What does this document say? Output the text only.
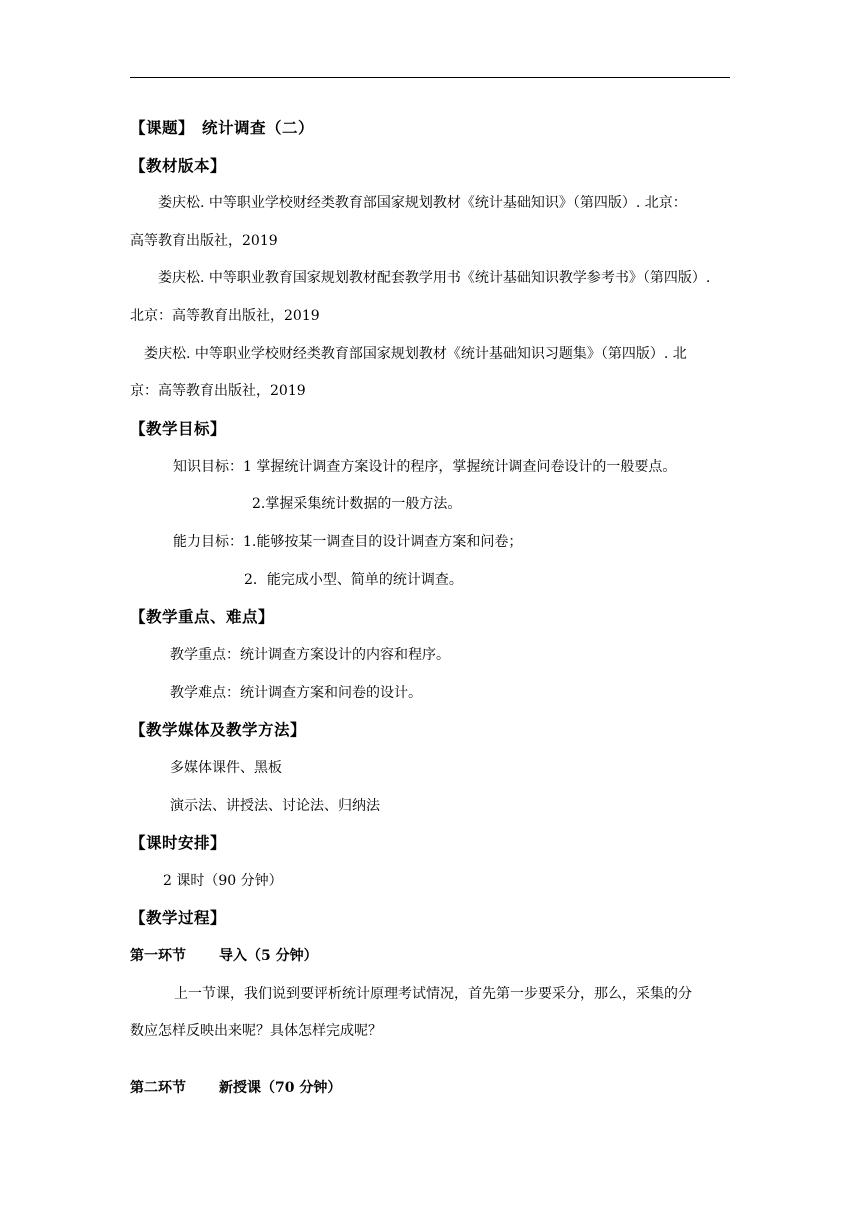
【课题】 统计调查（二）
【教材版本】
娄庆松. 中等职业学校财经类教育部国家规划教材《统计基础知识》（第四版）. 北京：
高等教育出版社，2019
娄庆松. 中等职业教育国家规划教材配套教学用书《统计基础知识教学参考书》（第四版）.
北京：高等教育出版社，2019
娄庆松. 中等职业学校财经类教育部国家规划教材《统计基础知识习题集》（第四版）. 北
京：高等教育出版社，2019
【教学目标】
知识目标：1 掌握统计调查方案设计的程序，掌握统计调查问卷设计的一般要点。
2.掌握采集统计数据的一般方法。
能力目标：1.能够按某一调查目的设计调查方案和问卷；
2．能完成小型、简单的统计调查。
【教学重点、难点】
教学重点：统计调查方案设计的内容和程序。
教学难点：统计调查方案和问卷的设计。
【教学媒体及教学方法】
多媒体课件、黑板
演示法、讲授法、讨论法、归纳法
【课时安排】
2 课时（90 分钟）
【教学过程】
第一环节 导入（5 分钟）
上一节课，我们说到要评析统计原理考试情况，首先第一步要采分，那么，采集的分
数应怎样反映出来呢？具体怎样完成呢？
第二环节 新授课（70 分钟）
